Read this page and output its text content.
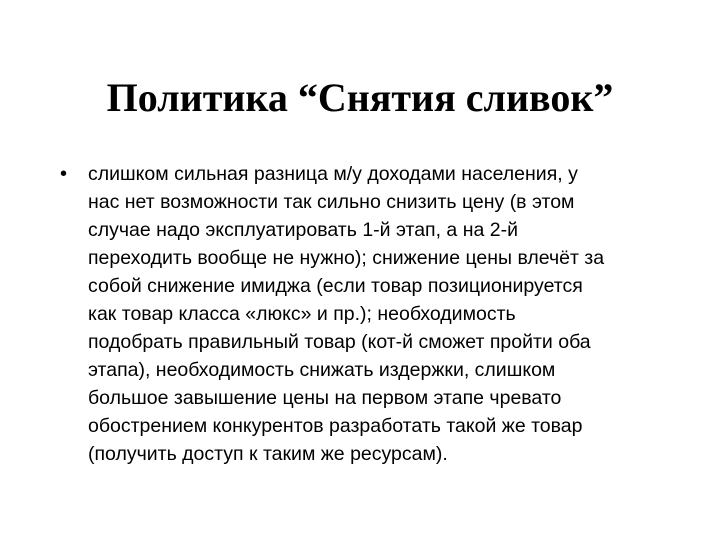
Политика “Снятия сливок”
•	слишком сильная разница м/у доходами населения, у
нас нет возможности так сильно снизить цену (в этом
случае надо эксплуатировать 1-й этап, а на 2-й
переходить вообще не нужно); снижение цены влечёт за
собой снижение имиджа (если товар позиционируется
как товар класса «люкс» и пр.); необходимость
подобрать правильный товар (кот-й сможет пройти оба
этапа), необходимость снижать издержки, слишком
большое завышение цены на первом этапе чревато
обострением конкурентов разработать такой же товар
(получить доступ к таким же ресурсам).
